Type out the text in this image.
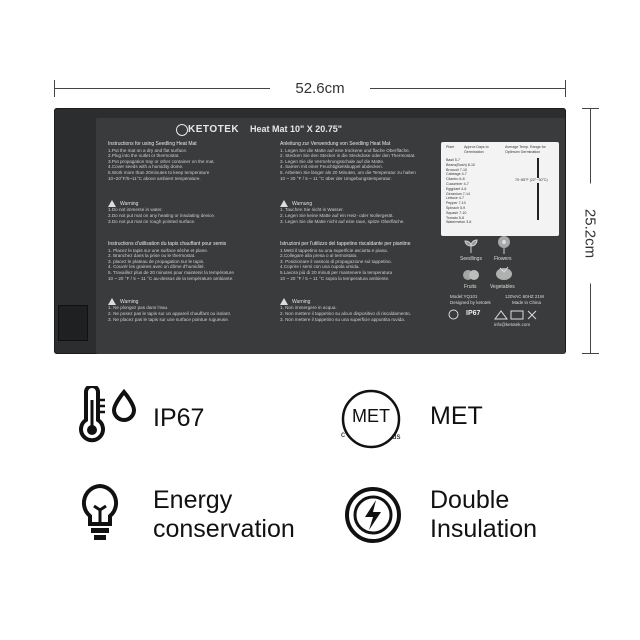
52.6cm
25.2cm
KETOTEK Heat Mat 10" X 20.75"
Instructions for using Seedling Heat Mat
1.Put the mat on a dry and flat surface.
2.Plug into the outlet or thermostat.
3.Put propagation tray or other container on the mat.
4.Cover seeds with a humidity dome.
5.Work more than 20minutes to keep temperature
10~20°F/5~11°C above ambient temperature.
Anleitung zur Verwendung von Seedling Heat Mat
1. Legen Sie die Matte auf eine trockene und flache Oberfläche.
2. Stecken Sie den Stecker in die Steckdose oder den Thermostat.
3. Legen Sie die Vermehrungsschale auf die Matte.
4. Samen mit einer Feuchtigkeitskuppel abdecken.
5. Arbeiten Sie länger als 20 Minuten, um die Temperatur zu halten
10 ~ 20 °F / 5 ~ 11 °C über der Umgebungstemperatur.
Warning
1.Do not immerse in water.
2.Do not put mat on any heating or insulating device.
3.Do not put mat on rough pointed surface.
Warnung
1. Tauchen Sie nicht in Wasser.
2. Legen Sie keine Matte auf ein Heiz- oder Isoliergerät.
3. Legen Sie die Matte nicht auf eine raue, spitze Oberfläche.
Instructions d'utilisation du tapis chauffant pour semis
1. Placez le tapis sur une surface sèche et plane.
2. Branchez dans la prise ou le thermostat.
3. placez le plateau de propagation sur le tapis.
4. Couvrir les graines avec un dôme d'humidité.
5. Travaillez plus de 20 minutes pour maintenir la température
10 ~ 20 °F / 5 ~ 11 °C au-dessus de la température ambiante.
Istruzioni per l'utilizzo del tappetino riscaldante per piantine
1.Metti il tappetino su una superficie asciutta e piana.
2.Collegare alla presa o al termostato.
3. Posizionare il vassoio di propagazione sul tappetino.
4.Coprire i semi con una cupola umida.
5.Lavora più di 20 minuti per mantenere la temperatura
10 ~ 20 °F / 5 ~ 11 °C sopra la temperatura ambiente.
Warning
1. Ne plongez pas dans l'eau.
2. Ne posez pas le tapis sur un appareil chauffant ou isolant.
3. Ne placez pas le tapis sur une surface pointue rugueuse.
Warning
1. Non immergere in acqua.
2. Non mettere il tappetino su alcun dispositivo di riscaldamento.
3. Non mettere il tappetino su una superficie appuntita ruvida.
Plant	Approx Days to Germination
Average Temp. Range for Optimum Germination
Basil 5-7
Beans(Bush) 8-10
Broccoli 7-10
Cabbage 4-7
Cilantro 6-8
Cucumber 4-7
Eggplant 4-6
Geranium 7-14
Lettuce 4-7
Pepper 7-10
Spinach 5-9
Squash 7-10
Tomato 5-8
Watermelon 3-6
70~85°F (22°~30°C)
Seedlings Flowers
Fruits	Vegetables
Model:YQ101	120VAC 60HZ 21W
Designed by ketotek	Made in China
IP67
info@ketotek.com
IP67	MET
c	us
MET
Energy
conservation
Double
Insulation
